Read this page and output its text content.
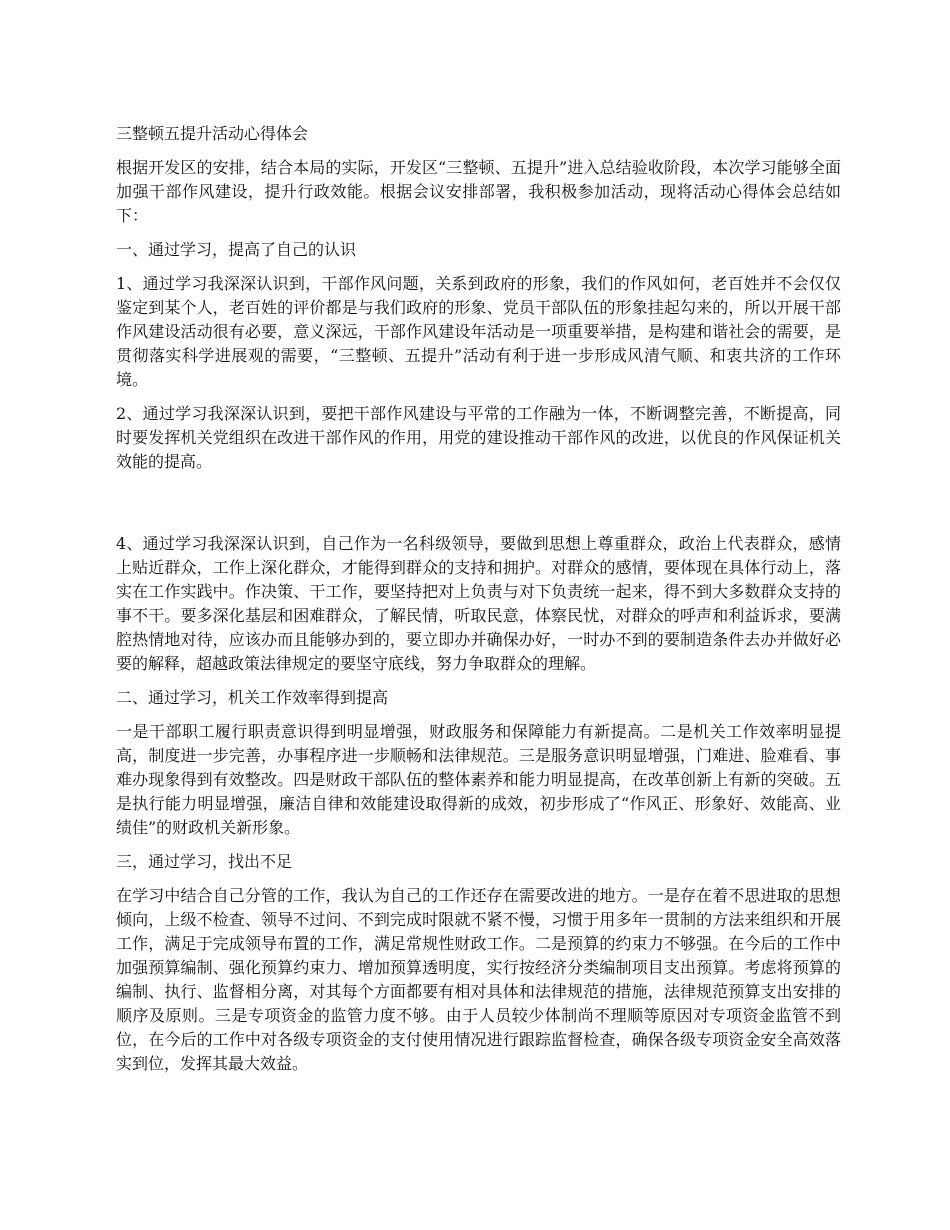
三整顿五提升活动心得体会

根据开发区的安排，结合本局的实际，开发区“三整顿、五提升”进入总结验收阶段，本次学习能够全面加强干部作风建设，提升行政效能。根据会议安排部署，我积极参加活动，现将活动心得体会总结如下：

一、通过学习，提高了自己的认识

1、通过学习我深深认识到，干部作风问题，关系到政府的形象，我们的作风如何，老百姓并不会仅仅鉴定到某个人，老百姓的评价都是与我们政府的形象、党员干部队伍的形象挂起勾来的，所以开展干部作风建设活动很有必要，意义深远，干部作风建设年活动是一项重要举措，是构建和谐社会的需要，是贯彻落实科学进展观的需要，“三整顿、五提升”活动有利于进一步形成风清气顺、和衷共济的工作环境。

2、通过学习我深深认识到，要把干部作风建设与平常的工作融为一体，不断调整完善，不断提高，同时要发挥机关党组织在改进干部作风的作用，用党的建设推动干部作风的改进，以优良的作风保证机关效能的提高。

4、通过学习我深深认识到，自己作为一名科级领导，要做到思想上尊重群众，政治上代表群众，感情上贴近群众，工作上深化群众，才能得到群众的支持和拥护。对群众的感情，要体现在具体行动上，落实在工作实践中。作决策、干工作，要坚持把对上负责与对下负责统一起来，得不到大多数群众支持的事不干。要多深化基层和困难群众，了解民情，听取民意，体察民忧，对群众的呼声和利益诉求，要满腔热情地对待，应该办而且能够办到的，要立即办并确保办好，一时办不到的要制造条件去办并做好必要的解释，超越政策法律规定的要坚守底线，努力争取群众的理解。

二、通过学习，机关工作效率得到提高

一是干部职工履行职责意识得到明显增强，财政服务和保障能力有新提高。二是机关工作效率明显提高，制度进一步完善，办事程序进一步顺畅和法律规范。三是服务意识明显增强，门难进、脸难看、事难办现象得到有效整改。四是财政干部队伍的整体素养和能力明显提高，在改革创新上有新的突破。五是执行能力明显增强，廉洁自律和效能建设取得新的成效，初步形成了“作风正、形象好、效能高、业绩佳”的财政机关新形象。

三，通过学习，找出不足

在学习中结合自己分管的工作，我认为自己的工作还存在需要改进的地方。一是存在着不思进取的思想倾向，上级不检查、领导不过问、不到完成时限就不紧不慢，习惯于用多年一贯制的方法来组织和开展工作，满足于完成领导布置的工作，满足常规性财政工作。二是预算的约束力不够强。在今后的工作中加强预算编制、强化预算约束力、增加预算透明度，实行按经济分类编制项目支出预算。考虑将预算的编制、执行、监督相分离，对其每个方面都要有相对具体和法律规范的措施，法律规范预算支出安排的顺序及原则。三是专项资金的监管力度不够。由于人员较少体制尚不理顺等原因对专项资金监管不到位，在今后的工作中对各级专项资金的支付使用情况进行跟踪监督检查，确保各级专项资金安全高效落实到位，发挥其最大效益。
